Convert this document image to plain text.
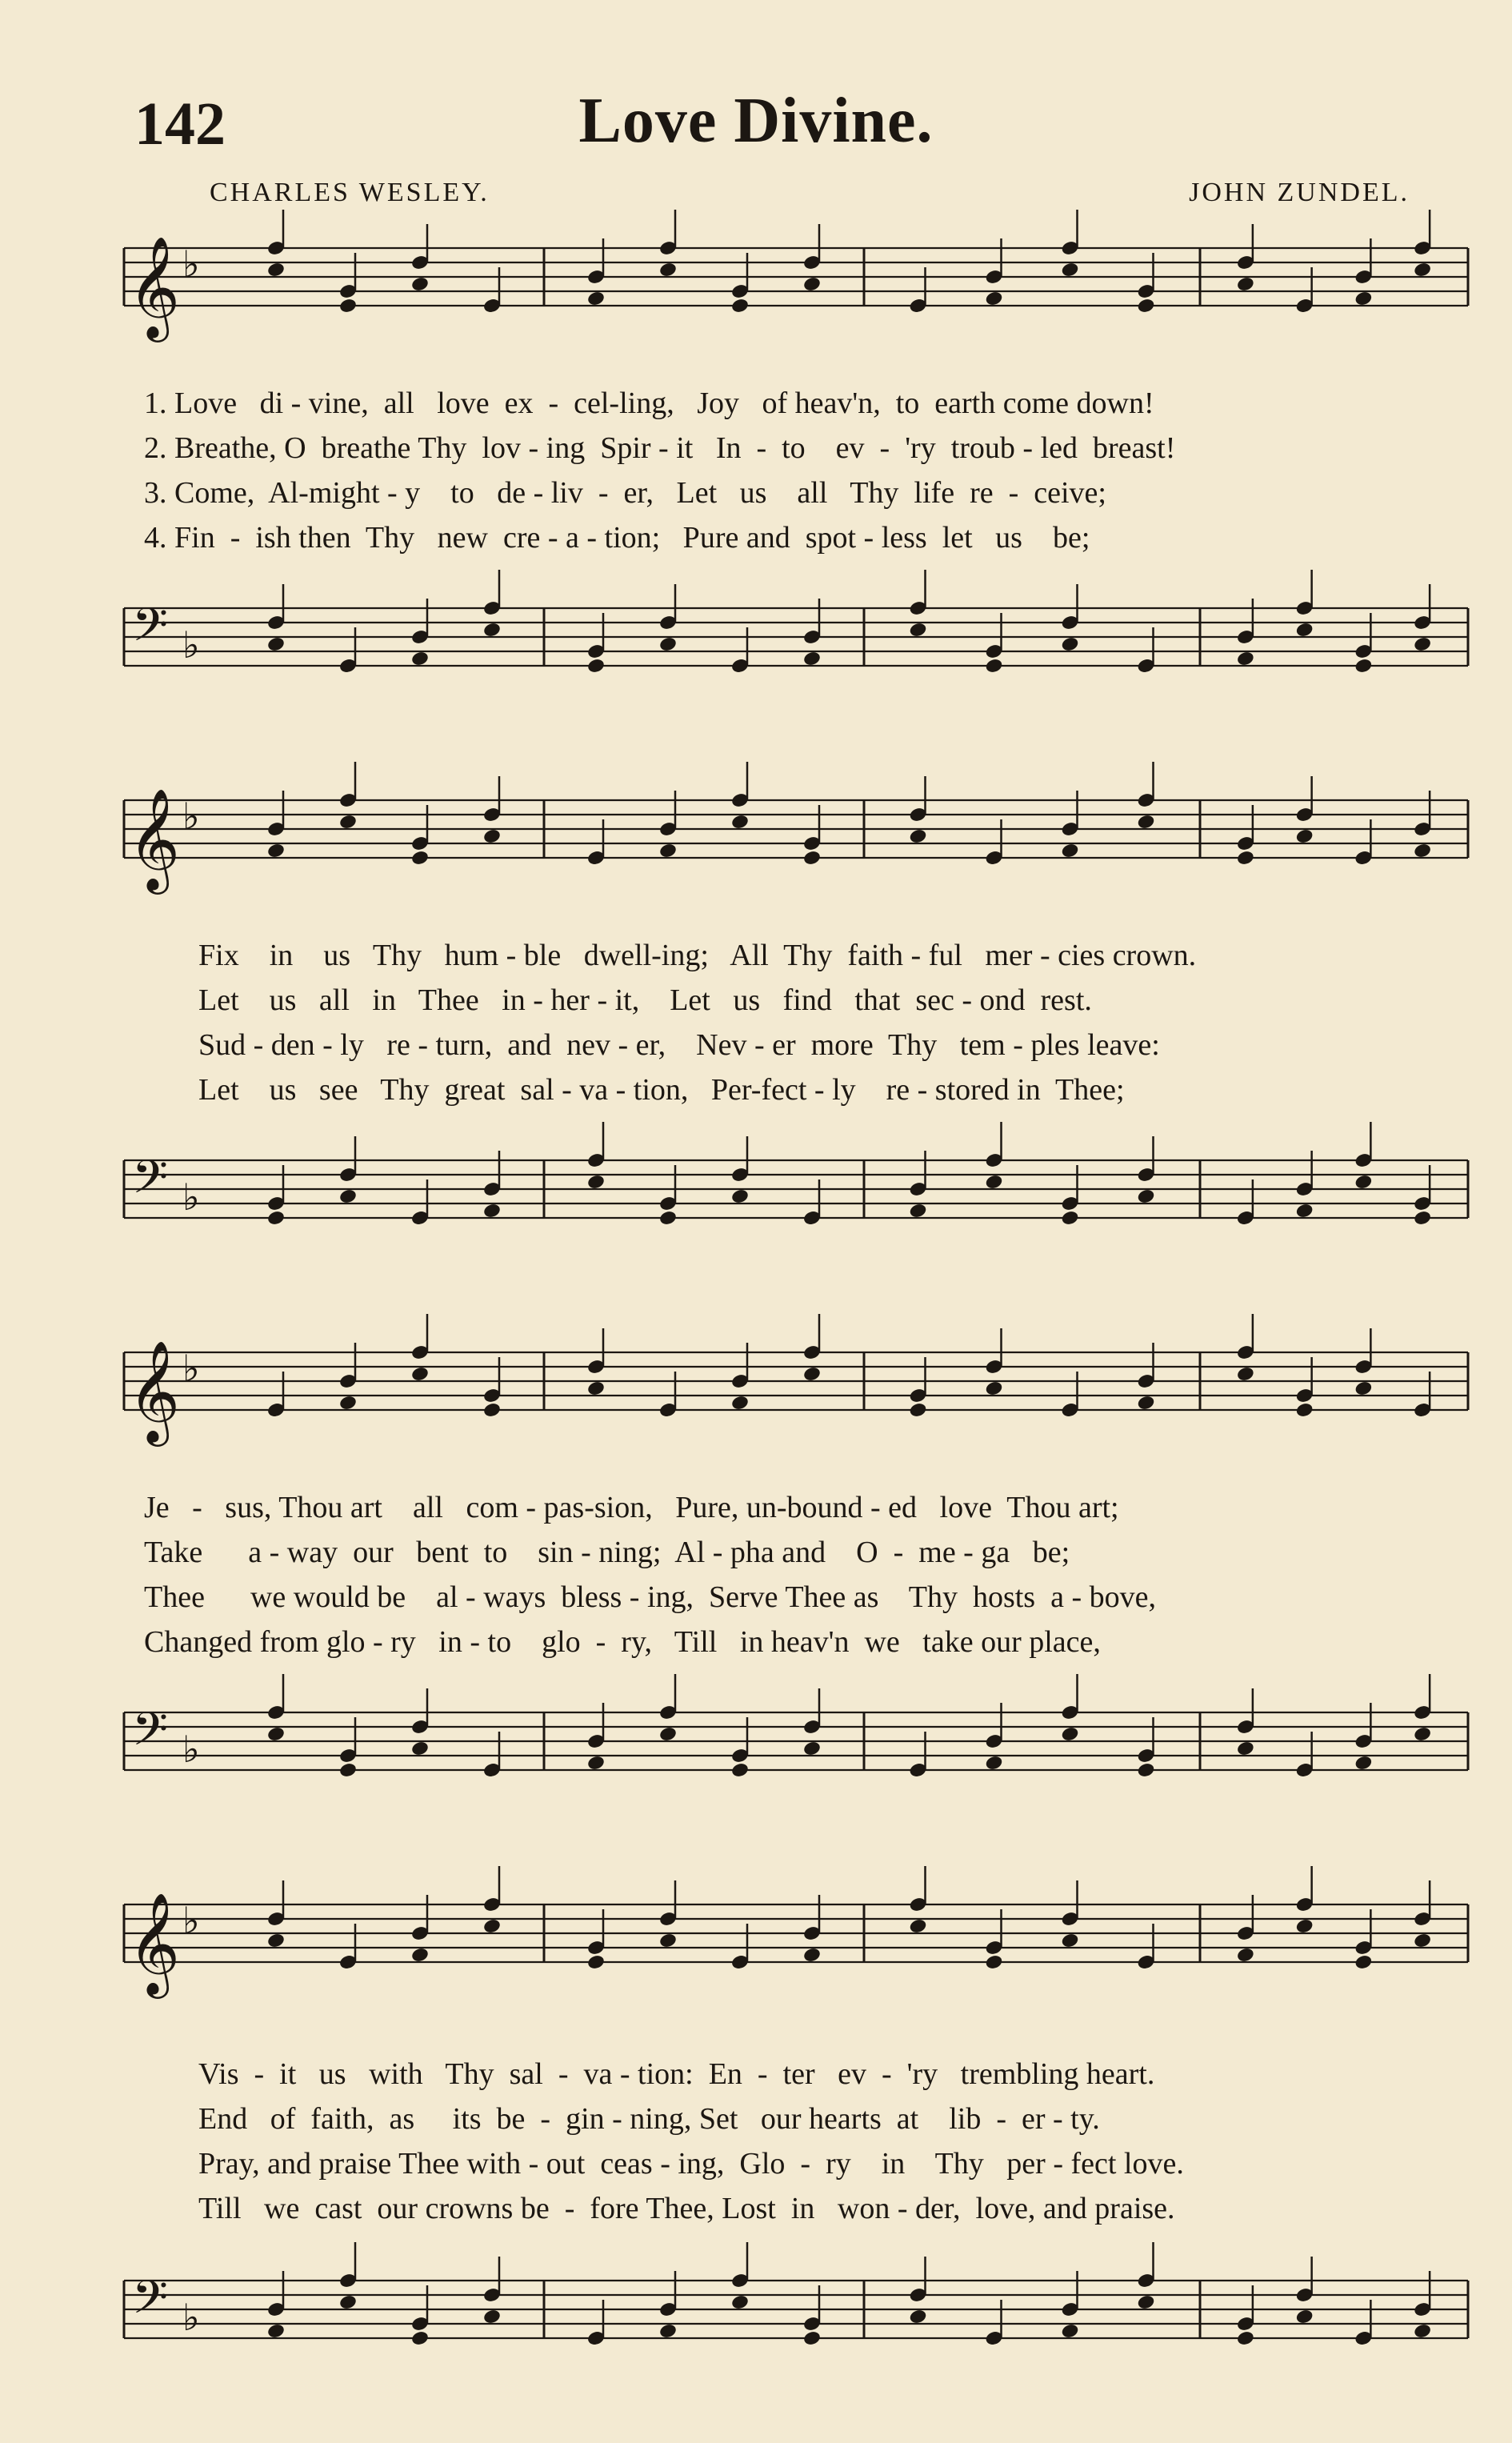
142	Love Divine.
CHARLES WESLEY.	JOHN ZUNDEL.
𝄞 ♭
1. Love   di - vine,  all   love  ex  -  cel-ling,   Joy   of heav'n,  to  earth come down!
2. Breathe, O  breathe Thy  lov - ing  Spir - it   In  -  to    ev  -  'ry  troub - led  breast!
3. Come,  Al-might - y    to   de - liv  -  er,   Let   us    all   Thy  life  re  -  ceive;
4. Fin  -  ish then  Thy   new  cre - a - tion;   Pure and  spot - less  let   us    be;
𝄢 ♭
𝄞 ♭
Fix    in    us   Thy   hum - ble   dwell-ing;   All  Thy  faith - ful   mer - cies crown.
Let    us   all   in   Thee   in - her - it,    Let   us   find   that  sec - ond  rest.
Sud - den - ly   re - turn,  and  nev - er,    Nev - er  more  Thy   tem - ples leave:
Let    us   see   Thy  great  sal - va - tion,   Per-fect - ly    re - stored in  Thee;
𝄢 ♭
𝄞 ♭
Je   -   sus, Thou art    all   com - pas-sion,   Pure, un-bound - ed   love  Thou art;
Take      a - way  our   bent  to    sin - ning;  Al - pha and    O  -  me - ga   be;
Thee      we would be    al - ways  bless - ing,  Serve Thee as    Thy  hosts  a - bove,
Changed from glo - ry   in - to    glo  -  ry,   Till   in heav'n  we   take our place,
𝄢 ♭
𝄞 ♭
Vis  -  it   us   with   Thy  sal  -  va - tion:  En  -  ter   ev  -  'ry   trembling heart.
End   of  faith,  as     its  be  -  gin - ning, Set   our hearts  at    lib  -  er - ty.
Pray, and praise Thee with - out  ceas - ing,  Glo  -  ry    in    Thy   per - fect love.
Till   we  cast  our crowns be  -  fore Thee, Lost  in   won - der,  love, and praise.
𝄢 ♭
